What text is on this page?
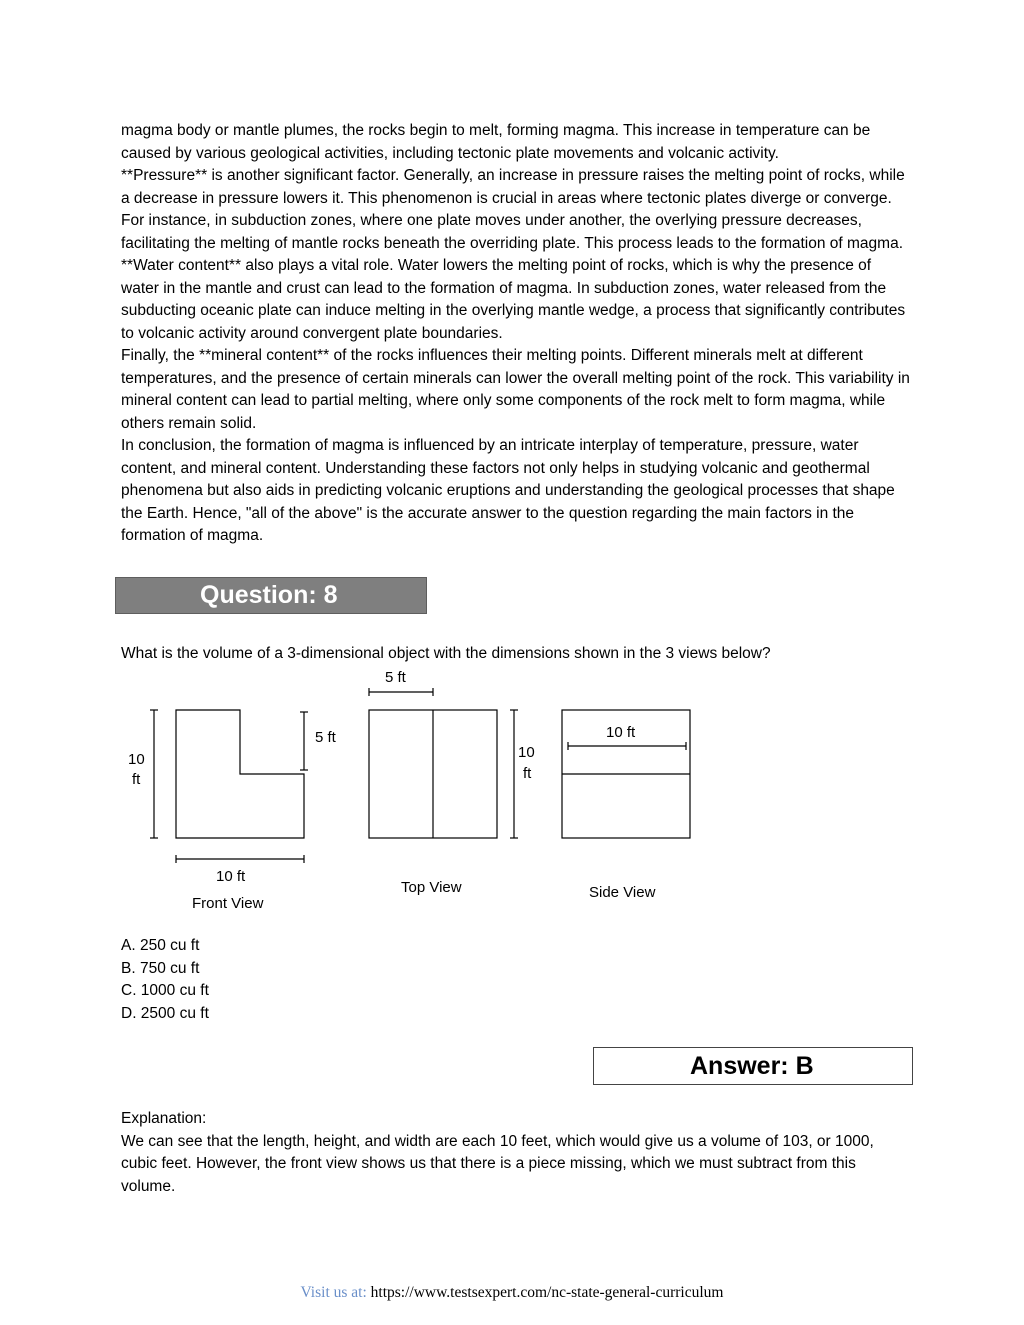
magma body or mantle plumes, the rocks begin to melt, forming magma. This increase in temperature can be caused by various geological activities, including tectonic plate movements and volcanic activity.

**Pressure** is another significant factor. Generally, an increase in pressure raises the melting point of rocks, while a decrease in pressure lowers it. This phenomenon is crucial in areas where tectonic plates diverge or converge. For instance, in subduction zones, where one plate moves under another, the overlying pressure decreases, facilitating the melting of mantle rocks beneath the overriding plate. This process leads to the formation of magma.

**Water content** also plays a vital role. Water lowers the melting point of rocks, which is why the presence of water in the mantle and crust can lead to the formation of magma. In subduction zones, water released from the subducting oceanic plate can induce melting in the overlying mantle wedge, a process that significantly contributes to volcanic activity around convergent plate boundaries.

Finally, the **mineral content** of the rocks influences their melting points. Different minerals melt at different temperatures, and the presence of certain minerals can lower the overall melting point of the rock. This variability in mineral content can lead to partial melting, where only some components of the rock melt to form magma, while others remain solid.

In conclusion, the formation of magma is influenced by an intricate interplay of temperature, pressure, water content, and mineral content. Understanding these factors not only helps in studying volcanic and geothermal phenomena but also aids in predicting volcanic eruptions and understanding the geological processes that shape the Earth. Hence, "all of the above" is the accurate answer to the question regarding the main factors in the formation of magma.

Question: 8
What is the volume of a 3-dimensional object with the dimensions shown in the 3 views below?
10
ft
5 ft
10 ft
Front View
5 ft
Top View
10
ft
10 ft
Side View
A. 250 cu ft
B. 750 cu ft
C. 1000 cu ft
D. 2500 cu ft
Answer: B
Explanation:
We can see that the length, height, and width are each 10 feet, which would give us a volume of 103, or 1000, cubic feet. However, the front view shows us that there is a piece missing, which we must subtract from this volume.
Visit us at: https://www.testsexpert.com/nc-state-general-curriculum
